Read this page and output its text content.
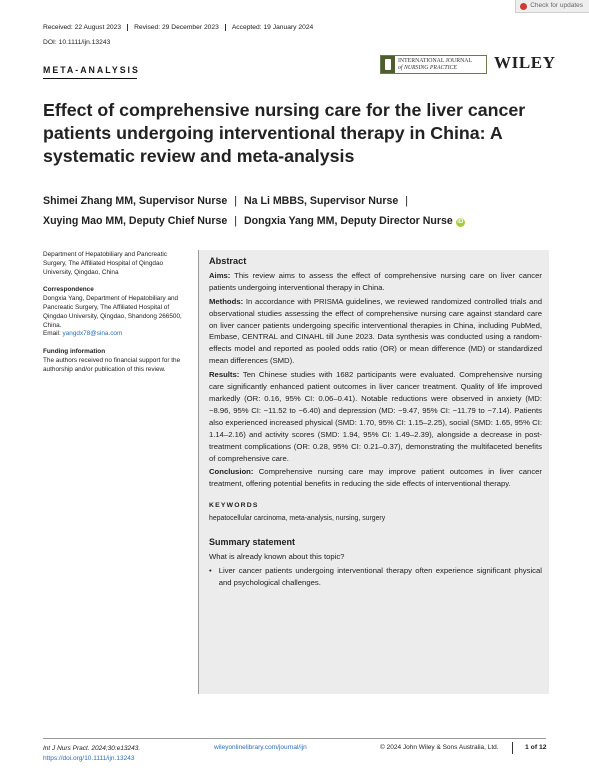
Check for updates
Received: 22 August 2023	Revised: 29 December 2023	Accepted: 19 January 2024
DOI: 10.1111/ijn.13243
META-ANALYSIS
INTERNATIONAL JOURNAL
of NURSING PRACTICE	WILEY
Effect of comprehensive nursing care for the liver cancer patients undergoing interventional therapy in China: A systematic review and meta-analysis
Shimei Zhang MM, Supervisor Nurse | Na Li MBBS, Supervisor Nurse |
Xuying Mao MM, Deputy Chief Nurse | Dongxia Yang MM, Deputy Director Nurse iD
Department of Hepatobiliary and Pancreatic Surgery, The Affiliated Hospital of Qingdao University, Qingdao, China
Correspondence
Dongxia Yang, Department of Hepatobiliary and Pancreatic Surgery, The Affiliated Hospital of Qingdao University, Qingdao, Shandong 266500, China.
Email: yangdx78@sina.com
Funding information
The authors received no financial support for the authorship and/or publication of this review.
Abstract

Aims: This review aims to assess the effect of comprehensive nursing care on liver cancer patients undergoing interventional therapy in China.

Methods: In accordance with PRISMA guidelines, we reviewed randomized controlled trials and observational studies assessing the effect of comprehensive nursing care against standard care on liver cancer patients undergoing specific interventional therapies in China, including PubMed, Embase, CENTRAL and CINAHL till June 2023. Data synthesis was conducted using a random-effects model and reported as pooled odds ratio (OR) or mean difference (MD) or standardized mean differences (SMD).

Results: Ten Chinese studies with 1682 participants were evaluated. Comprehensive nursing care significantly enhanced patient outcomes in liver cancer treatment. Quality of life improved markedly (OR: 0.16, 95% CI: 0.06–0.41). Notable reductions were observed in anxiety (MD: −8.96, 95% CI: −11.52 to −6.40) and depression (MD: −9.47, 95% CI: −11.79 to −7.14). Patients also experienced increased physical (SMD: 1.70, 95% CI: 1.15–2.25), social (SMD: 1.65, 95% CI: 1.14–2.16) and activity scores (SMD: 1.94, 95% CI: 1.49–2.39), alongside a decrease in post-treatment complications (OR: 0.28, 95% CI: 0.21–0.37), demonstrating the multifaceted benefits of comprehensive care.

Conclusion: Comprehensive nursing care may improve patient outcomes in liver cancer treatment, offering potential benefits in reducing the side effects of interventional therapy.

KEYWORDS
hepatocellular carcinoma, meta-analysis, nursing, surgery
Summary statement
What is already known about this topic?
• Liver cancer patients undergoing interventional therapy often experience significant physical and psychological challenges.
Int J Nurs Pract. 2024;30:e13243.
https://doi.org/10.1111/ijn.13243
wileyonlinelibrary.com/journal/ijn	© 2024 John Wiley & Sons Australia, Ltd.	1 of 12
